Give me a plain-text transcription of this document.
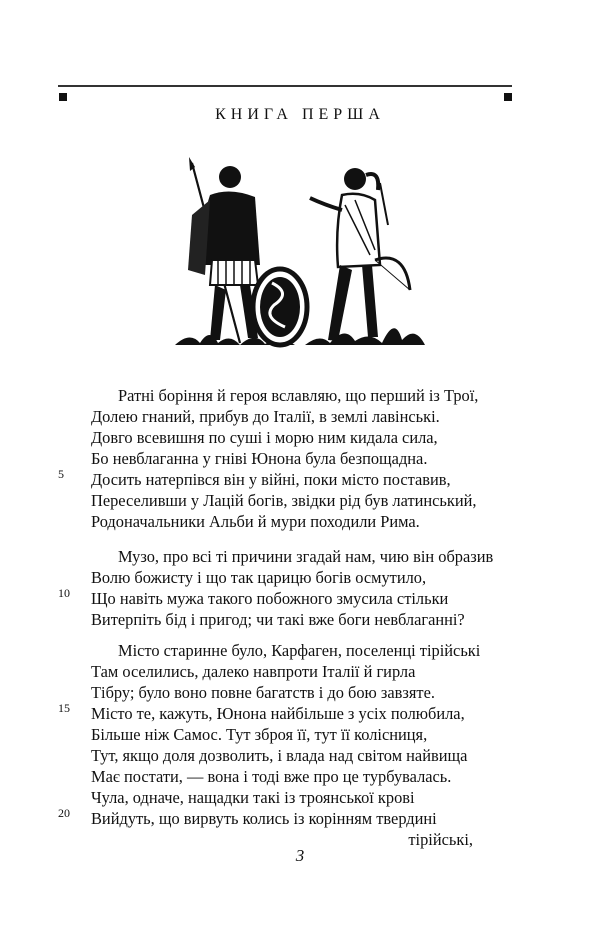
КНИГА ПЕРША
Ратні боріння й героя вславляю, що перший із Трої,
Долею гнаний, прибув до Італії, в землі лавінські.
Довго всевишня по суші і морю ним кидала сила,
Бо невблаганна у гніві Юнона була безпощадна.
5 Досить натерпівся він у війні, поки місто поставив,
Переселивши у Лацій богів, звідки рід був латинський,
Родоначальники Альби й мури походили Рима.
Музо, про всі ті причини згадай нам, чию він образив
Волю божисту і що так царицю богів осмутило,
10 Що навіть мужа такого побожного змусила стільки
Витерпіть бід і пригод; чи такі вже боги невблаганні?
Місто старинне було, Карфаген, поселенці тірійські
Там оселились, далеко навпроти Італії й гирла
Тібру; було воно повне багатств і до бою завзяте.
15 Місто те, кажуть, Юнона найбільше з усіх полюбила,
Більше ніж Самос. Тут зброя її, тут її колісниця,
Тут, якщо доля дозволить, і влада над світом найвища
Має постати, — вона і тоді вже про це турбувалась.
Чула, одначе, нащадки такі із троянської крові
20 Вийдуть, що вирвуть колись із корінням твердині
тірійські,
3
